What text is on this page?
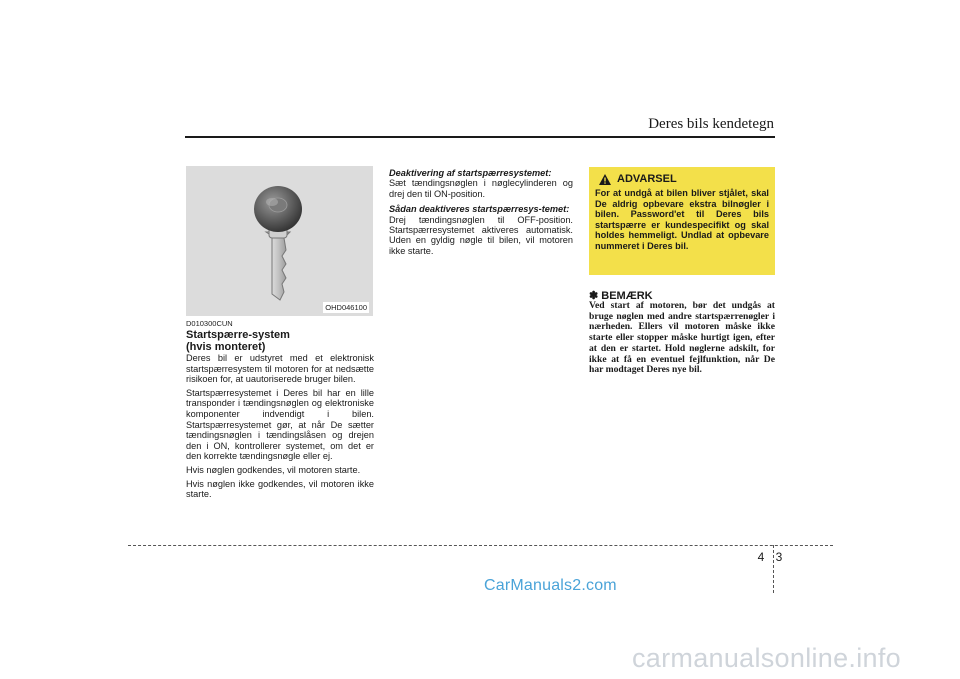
Deres bils kendetegn
OHD046100
D010300CUN
Startspærre-system
(hvis monteret)

Deres bil er udstyret med et elektronisk startspærresystem til motoren for at nedsætte risikoen for, at uautoriserede bruger bilen.

Startspærresystemet i Deres bil har en lille transponder i tændingsnøglen og elektroniske komponenter indvendigt i bilen. Startspærresystemet gør, at når De sætter tændingsnøglen i tændingslåsen og drejen den i ON, kontrollerer systemet, om det er den korrekte tændingsnøgle eller ej.

Hvis nøglen godkendes, vil motoren starte.

Hvis nøglen ikke godkendes, vil motoren ikke starte.

Deaktivering af startspærresystemet:

Sæt tændingsnøglen i nøglecylinderen og drej den til ON-position.

Sådan deaktiveres startspærresys-temet:

Drej tændingsnøglen til OFF-position. Startspærresystemet aktiveres automatisk. Uden en gyldig nøgle til bilen, vil motoren ikke starte.

ADVARSEL
For at undgå at bilen bliver stjålet, skal De aldrig opbevare ekstra bilnøgler i bilen. Password'et til Deres bils startspærre er kundespecifikt og skal holdes hemmeligt. Undlad at opbevare nummeret i Deres bil.
✽ BEMÆRK
Ved start af motoren, bør det undgås at bruge nøglen med andre startspærrenøgler i nærheden. Ellers vil motoren måske ikke starte eller stopper måske hurtigt igen, efter at den er startet. Hold nøglerne adskilt, for ikke at få en eventuel fejlfunktion, når De har modtaget Deres nye bil.
4 3
CarManuals2.com
carmanualsonline.info
